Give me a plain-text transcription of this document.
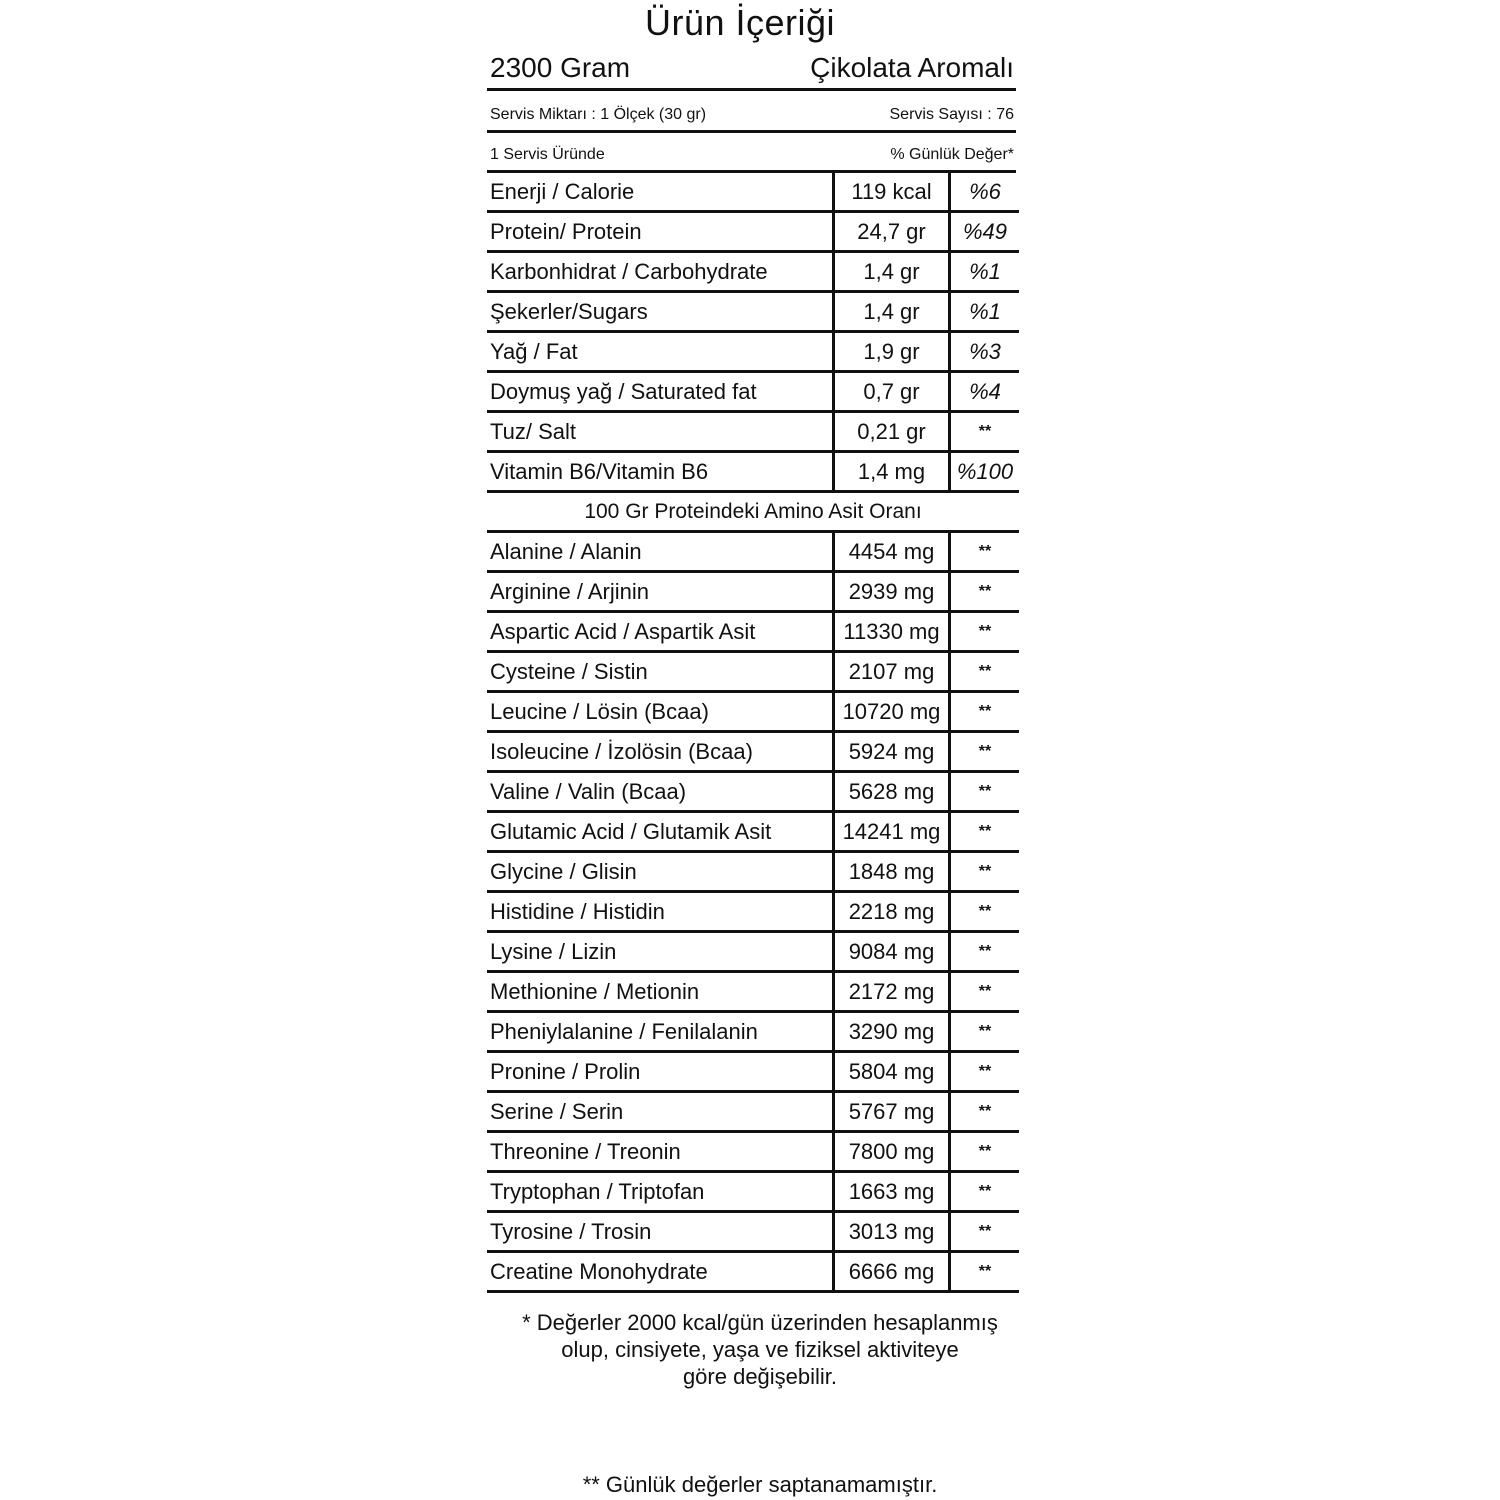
Ürün İçeriği
2300 Gram	Çikolata Aromalı
Servis Miktarı : 1 Ölçek (30 gr)	Servis Sayısı : 76
1 Servis Üründe	% Günlük Değer*
Enerji / Calorie	119 kcal	%6
Protein/ Protein	24,7 gr	%49
Karbonhidrat / Carbohydrate	1,4 gr	%1
Şekerler/Sugars	1,4 gr	%1
Yağ / Fat	1,9 gr	%3
Doymuş yağ / Saturated fat	0,7 gr	%4
Tuz/ Salt	0,21 gr	**
Vitamin B6/Vitamin B6	1,4 mg	%100
100 Gr Proteindeki Amino Asit Oranı		
Alanine / Alanin	4454 mg	**
Arginine / Arjinin	2939 mg	**
Aspartic Acid / Aspartik Asit	11330 mg	**
Cysteine / Sistin	2107 mg	**
Leucine / Lösin (Bcaa)	10720 mg	**
Isoleucine / İzolösin (Bcaa)	5924 mg	**
Valine / Valin (Bcaa)	5628 mg	**
Glutamic Acid / Glutamik Asit	14241 mg	**
Glycine / Glisin	1848 mg	**
Histidine / Histidin	2218 mg	**
Lysine / Lizin	9084 mg	**
Methionine / Metionin	2172 mg	**
Pheniylalanine / Fenilalanin	3290 mg	**
Pronine / Prolin	5804 mg	**
Serine / Serin	5767 mg	**
Threonine / Treonin	7800 mg	**
Tryptophan / Triptofan	1663 mg	**
Tyrosine / Trosin	3013 mg	**
Creatine Monohydrate	6666 mg	**
* Değerler 2000 kcal/gün üzerinden hesaplanmış
olup, cinsiyete, yaşa ve fiziksel aktiviteye
göre değişebilir.
** Günlük değerler saptanamamıştır.
